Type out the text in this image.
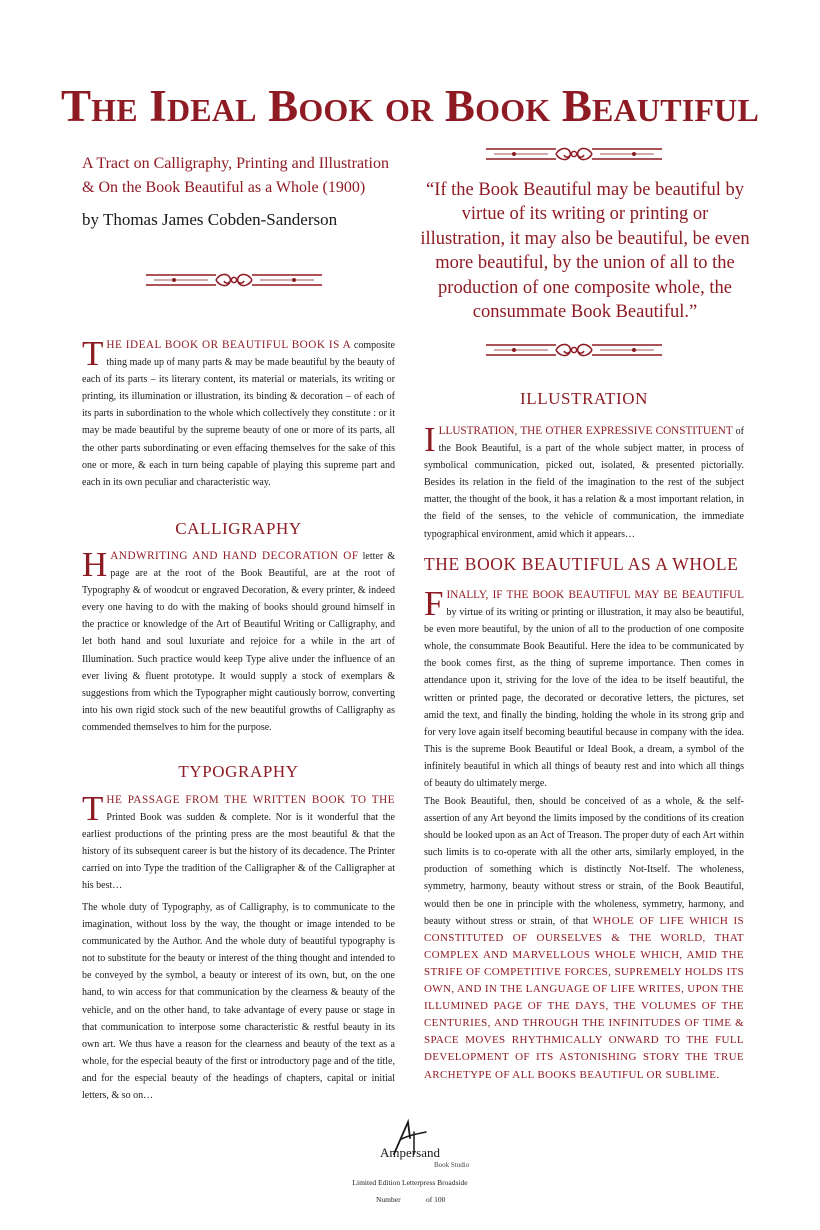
The Ideal Book or Book Beautiful
A Tract on Calligraphy, Printing and Illustration
& On the Book Beautiful as a Whole (1900)
by Thomas James Cobden-Sanderson
“If the Book Beautiful may be beautiful by virtue of its writing or printing or illustration, it may also be beautiful, be even more beautiful, by the union of all to the production of one composite whole, the consummate Book Beautiful.”
THE IDEAL BOOK OR BEAUTIFUL BOOK IS A composite thing made up of many parts & may be made beautiful by the beauty of each of its parts – its literary content, its material or materials, its writing or printing, its illumination or illustration, its binding & decoration – of each of its parts in subordination to the whole which collectively they constitute : or it may be made beautiful by the supreme beauty of one or more of its parts, all the other parts subordinating or even effacing themselves for the sake of this one or more, & each in turn being capable of playing this supreme part and each in its own peculiar and characteristic way.
CALLIGRAPHY
HANDWRITING AND HAND DECORATION OF letter & page are at the root of the Book Beautiful, are at the root of Typography & of woodcut or engraved Decoration, & every printer, & indeed every one having to do with the making of books should ground himself in the practice or knowledge of the Art of Beautiful Writing or Calligraphy, and let both hand and soul luxuriate and rejoice for a while in the art of Illumination. Such practice would keep Type alive under the influence of an ever living & fluent prototype. It would supply a stock of exemplars & suggestions from which the Typographer might cautiously borrow, converting into his own rigid stock such of the new beautiful growths of Calligraphy as commended themselves to him for the purpose.
TYPOGRAPHY
THE PASSAGE FROM THE WRITTEN BOOK TO THE Printed Book was sudden & complete. Nor is it wonderful that the earliest productions of the printing press are the most beautiful & that the history of its subsequent career is but the history of its decadence. The Printer carried on into Type the tradition of the Calligrapher & of the Calligrapher at his best…
The whole duty of Typography, as of Calligraphy, is to communicate to the imagination, without loss by the way, the thought or image intended to be communicated by the Author. And the whole duty of beautiful typography is not to substitute for the beauty or interest of the thing thought and intended to be conveyed by the symbol, a beauty or interest of its own, but, on the one hand, to win access for that communication by the clearness & beauty of the vehicle, and on the other hand, to take advantage of every pause or stage in that communication to interpose some characteristic & restful beauty in its own art. We thus have a reason for the clearness and beauty of the text as a whole, for the especial beauty of the first or introductory page and of the title, and for the especial beauty of the headings of chapters, capital or initial letters, & so on…
ILLUSTRATION
ILLUSTRATION, THE OTHER EXPRESSIVE CONSTITUENT of the Book Beautiful, is a part of the whole subject matter, in process of symbolical communication, picked out, isolated, & presented pictorially. Besides its relation in the field of the imagination to the rest of the subject matter, the thought of the book, it has a relation & a most important relation, in the field of the senses, to the vehicle of communication, the immediate typographical environment, amid which it appears…
THE BOOK BEAUTIFUL AS A WHOLE
FINALLY, IF THE BOOK BEAUTIFUL MAY BE BEAUTIFUL by virtue of its writing or printing or illustration, it may also be beautiful, be even more beautiful, by the union of all to the production of one composite whole, the consummate Book Beautiful. Here the idea to be communicated by the book comes first, as the thing of supreme importance. Then comes in attendance upon it, striving for the love of the idea to be itself beautiful, the written or printed page, the decorated or decorative letters, the pictures, set amid the text, and finally the binding, holding the whole in its strong grip and for very love again itself becoming beautiful because in company with the idea. This is the supreme Book Beautiful or Ideal Book, a dream, a symbol of the infinitely beautiful in which all things of beauty rest and into which all things of beauty do ultimately merge.
The Book Beautiful, then, should be conceived of as a whole, & the self-assertion of any Art beyond the limits imposed by the conditions of its creation should be looked upon as an Act of Treason. The proper duty of each Art within such limits is to co-operate with all the other arts, similarly employed, in the production of something which is distinctly Not-Itself. The wholeness, symmetry, harmony, beauty without stress or strain, of the Book Beautiful, would then be one in principle with the wholeness, symmetry, harmony, and beauty without stress or strain, of that WHOLE OF LIFE WHICH IS CONSTITUTED OF OURSELVES & THE WORLD, THAT COMPLEX AND MARVELLOUS WHOLE WHICH, AMID THE STRIFE OF COMPETITIVE FORCES, SUPREMELY HOLDS ITS OWN, AND IN THE LANGUAGE OF LIFE WRITES, UPON THE ILLUMINED PAGE OF THE DAYS, THE VOLUMES OF THE CENTURIES, AND THROUGH THE INFINITUDES OF TIME & SPACE MOVES RHYTHMICALLY ONWARD TO THE FULL DEVELOPMENT OF ITS ASTONISHING STORY THE TRUE ARCHETYPE OF ALL BOOKS BEAUTIFUL OR SUBLIME.
Ampersand
Book Studio
Limited Edition Letterpress Broadside
Number	of 100
